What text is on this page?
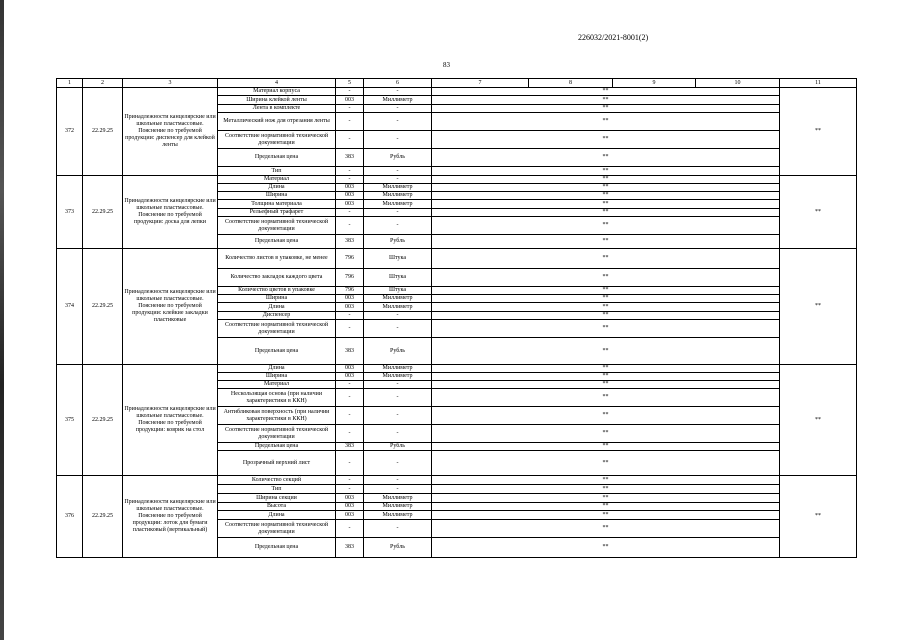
226032/2021-8001(2)
83
1	2	3	4	5	6	7	8	9	10	11
372	22.29.25	Принадлежности канцелярские или школьные пластмассовые. Пояснение по требуемой продукции: диспенсер для клейкой ленты	Материал корпуса	-	-	**				**
			Ширина клейкой ленты	003	Миллиметр	**				
			Лента в комплекте	-	-	**				
			Металлический нож для отрезания ленты	-	-	**				
			Соответствие нормативной технической документации	-	-	**				
			Предельная цена	383	Рубль	**				
			Тип	-	-	**				
373	22.29.25	Принадлежности канцелярские или школьные пластмассовые. Пояснение по требуемой продукции: доска для лепки	Материал	-	-	**				**
			Длина	003	Миллиметр	**				
			Ширина	003	Миллиметр	**				
			Толщина материала	003	Миллиметр	**				
			Рельефный трафарет	-	-	**				
			Соответствие нормативной технической документации	-	-	**				
			Предельная цена	383	Рубль	**				
374	22.29.25	Принадлежности канцелярские или школьные пластмассовые. Пояснение по требуемой продукции: клейкие закладки пластиковые	Количество листов в упаковке, не менее	796	Штука	**				**
			Количество закладок каждого цвета	796	Штука	**				
			Количество цветов в упаковке	796	Штука	**				
			Ширина	003	Миллиметр	**				
			Длина	003	Миллиметр	**				
			Диспенсер	-	-	**				
			Соответствие нормативной технической документации	-	-	**				
			Предельная цена	383	Рубль	**				
375	22.29.25	Принадлежности канцелярские или школьные пластмассовые. Пояснение по требуемой продукции: коврик на стол	Длина	003	Миллиметр	**				**
			Ширина	003	Миллиметр	**				
			Материал	-	-	**				
			Нескользящая основа (при наличии характеристики в ККН)	-	-	**				
			Антибликовая поверхность (при наличии характеристики в ККН)	-	-	**				
			Соответствие нормативной технической документации	-	-	**				
			Предельная цена	383	Рубль	**				
			Прозрачный верхний лист	-	-	**				
376	22.29.25	Принадлежности канцелярские или школьные пластмассовые. Пояснение по требуемой продукции: лоток для бумаги пластиковый (вертикальный)	Количество секций	-	-	**				**
			Тип	-	-	**				
			Ширина секции	003	Миллиметр	**				
			Высота	003	Миллиметр	**				
			Длина	003	Миллиметр	**				
			Соответствие нормативной технической документации	-	-	**				
			Предельная цена	383	Рубль	**				
